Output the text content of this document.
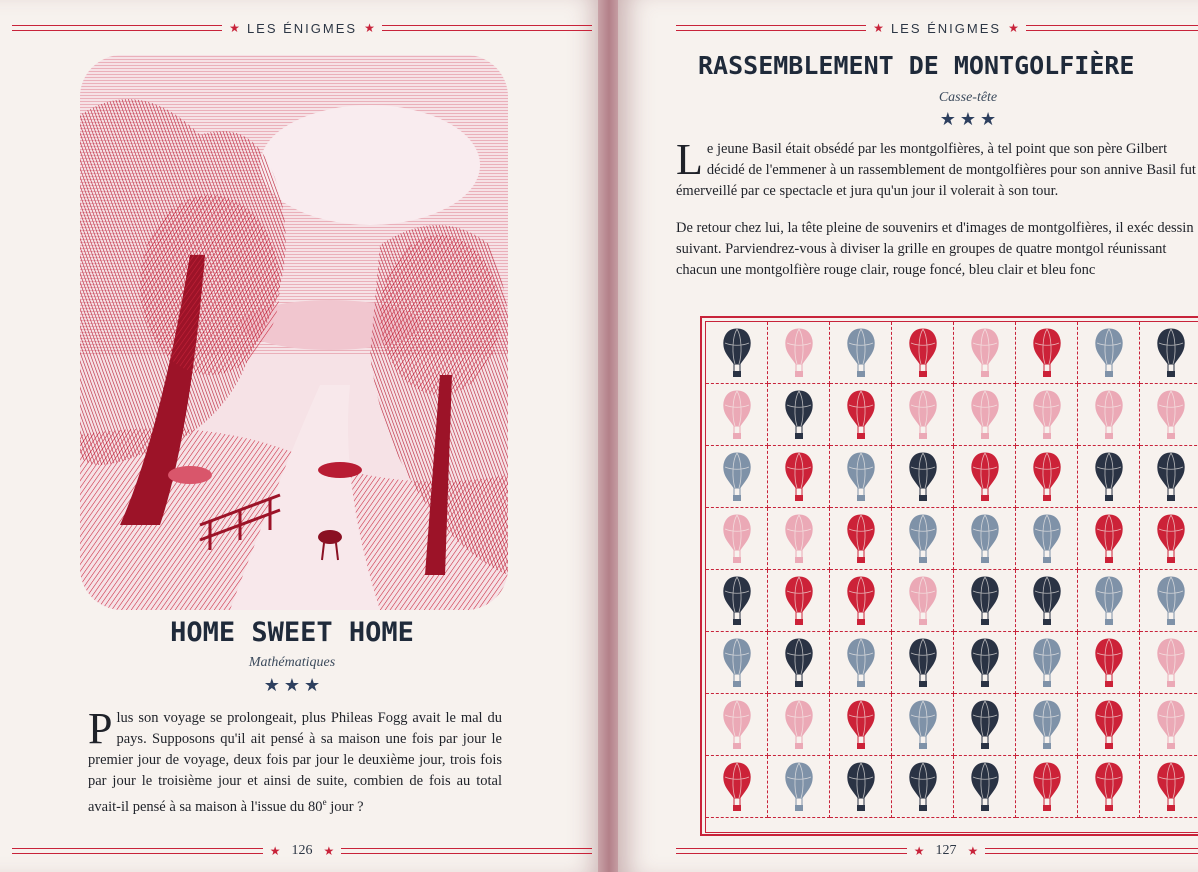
★ LES ÉNIGMES ★
HOME SWEET HOME
Mathématiques
★★★
Plus son voyage se prolongeait, plus Phileas Fogg avait le mal du pays. Supposons qu'il ait pensé à sa maison une fois par jour le premier jour de voyage, deux fois par jour le deuxième jour, trois fois par jour le troisième jour et ainsi de suite, combien de fois au total avait-il pensé à sa maison à l'issue du 80e jour ?
★ 126 ★
★ LES ÉNIGMES ★
RASSEMBLEMENT DE MONTGOLFIÈRE
Casse-tête
★★★
Le jeune Basil était obsédé par les montgolfières, à tel point que son père Gilbert décidé de l'emmener à un rassemblement de montgolfières pour son annive Basil fut émerveillé par ce spectacle et jura qu'un jour il volerait à son tour.
De retour chez lui, la tête pleine de souvenirs et d'images de montgolfières, il exéc dessin suivant. Parviendrez-vous à diviser la grille en groupes de quatre montgol réunissant chacun une montgolfière rouge clair, rouge foncé, bleu clair et bleu fonc
★ 127 ★
